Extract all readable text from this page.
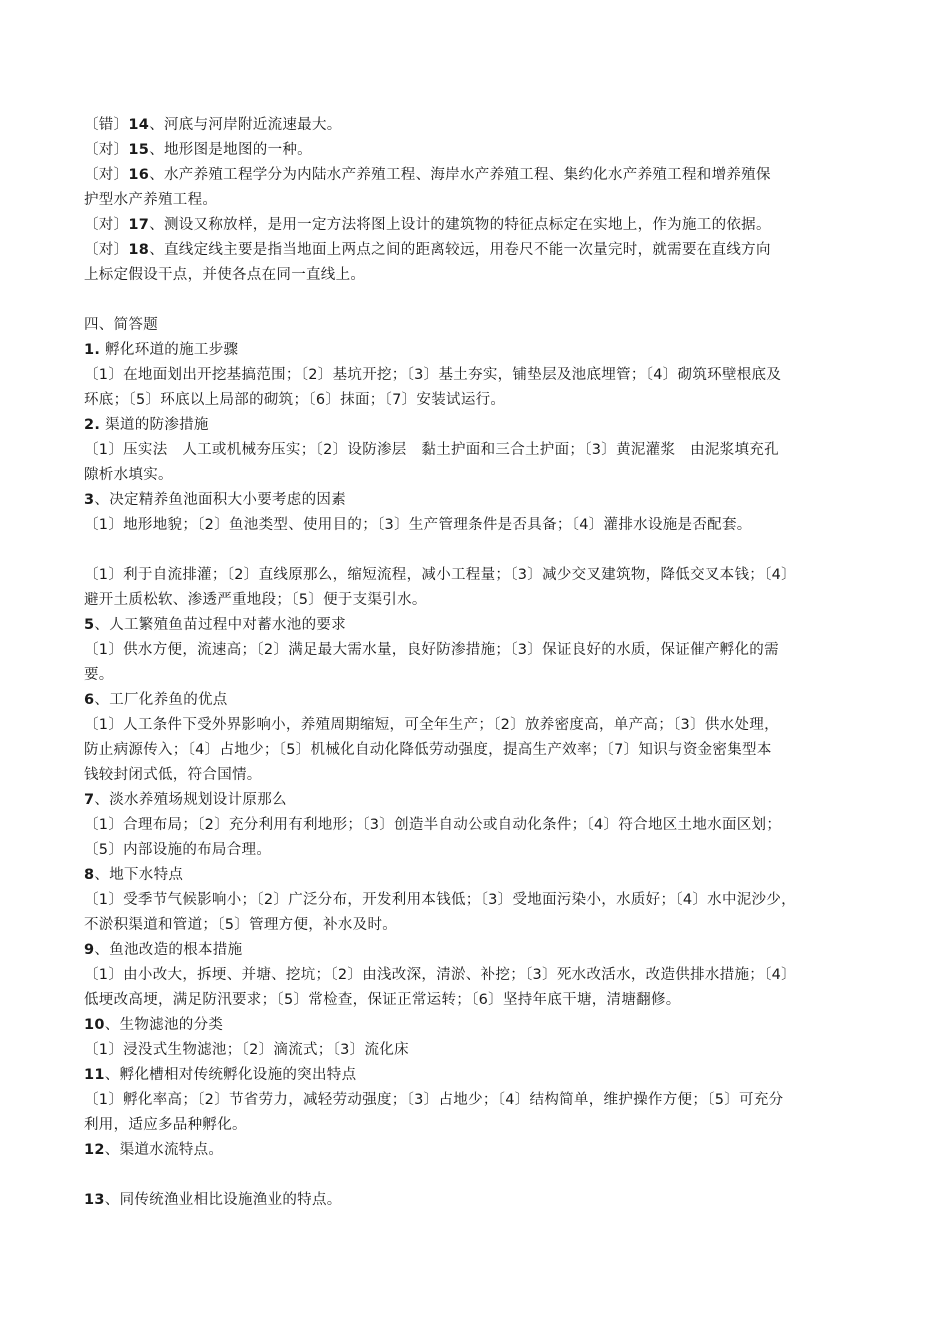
〔错〕14、河底与河岸附近流速最大。
〔对〕15、地形图是地图的一种。
〔对〕16、水产养殖工程学分为内陆水产养殖工程、海岸水产养殖工程、集约化水产养殖工程和增养殖保
护型水产养殖工程。
〔对〕17、测设又称放样，是用一定方法将图上设计的建筑物的特征点标定在实地上，作为施工的依据。
〔对〕18、直线定线主要是指当地面上两点之间的距离较远，用卷尺不能一次量完时，就需要在直线方向
上标定假设干点，并使各点在同一直线上。
四、简答题
1. 孵化环道的施工步骤
〔1〕在地面划出开挖基搞范围；〔2〕基坑开挖；〔3〕基土夯实，铺垫层及池底埋管；〔4〕砌筑环壁根底及
环底；〔5〕环底以上局部的砌筑；〔6〕抹面；〔7〕安装试运行。
2. 渠道的防渗措施
〔1〕压实法　人工或机械夯压实；〔2〕设防渗层　黏土护面和三合土护面；〔3〕黄泥灌浆　由泥浆填充孔
隙析水填实。
3、决定精养鱼池面积大小要考虑的因素
〔1〕地形地貌；〔2〕鱼池类型、使用目的；〔3〕生产管理条件是否具备；〔4〕灌排水设施是否配套。
〔1〕利于自流排灌；〔2〕直线原那么，缩短流程，减小工程量；〔3〕减少交叉建筑物，降低交叉本钱；〔4〕
避开土质松软、渗透严重地段；〔5〕便于支渠引水。
5、人工繁殖鱼苗过程中对蓄水池的要求
〔1〕供水方便，流速高；〔2〕满足最大需水量，良好防渗措施；〔3〕保证良好的水质，保证催产孵化的需
要。
6、工厂化养鱼的优点
〔1〕人工条件下受外界影响小，养殖周期缩短，可全年生产；〔2〕放养密度高，单产高；〔3〕供水处理，
防止病源传入；〔4〕占地少；〔5〕机械化自动化降低劳动强度，提高生产效率；〔7〕知识与资金密集型本
钱较封闭式低，符合国情。
7、淡水养殖场规划设计原那么
〔1〕合理布局；〔2〕充分利用有利地形；〔3〕创造半自动公或自动化条件；〔4〕符合地区土地水面区划；
〔5〕内部设施的布局合理。
8、地下水特点
〔1〕受季节气候影响小；〔2〕广泛分布，开发利用本钱低；〔3〕受地面污染小，水质好；〔4〕水中泥沙少，
不淤积渠道和管道；〔5〕管理方便，补水及时。
9、鱼池改造的根本措施
〔1〕由小改大，拆埂、并塘、挖坑；〔2〕由浅改深，清淤、补挖；〔3〕死水改活水，改造供排水措施；〔4〕
低埂改高埂，满足防汛要求；〔5〕常检查，保证正常运转；〔6〕坚持年底干塘，清塘翻修。
10、生物滤池的分类
〔1〕浸没式生物滤池；〔2〕滴流式；〔3〕流化床
11、孵化槽相对传统孵化设施的突出特点
〔1〕孵化率高；〔2〕节省劳力，减轻劳动强度；〔3〕占地少；〔4〕结构简单，维护操作方便；〔5〕可充分
利用，适应多品种孵化。
12、渠道水流特点。
13、同传统渔业相比设施渔业的特点。
